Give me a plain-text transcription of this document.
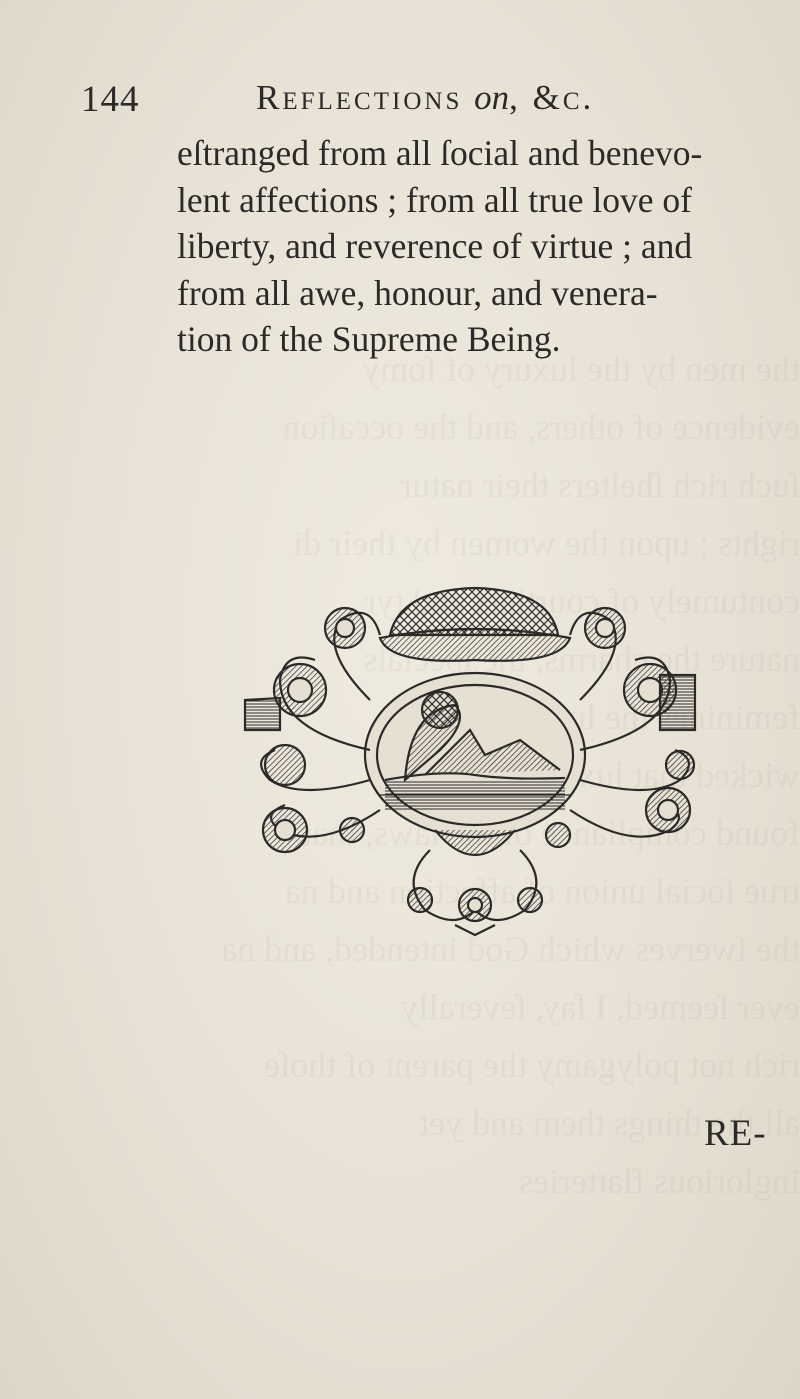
144	Reflections on, &c.
eſtranged from all ſocial and benevo-
lent affections ; from all true love of
liberty, and reverence of virtue ; and
from all awe, honour, and venera-
tion of the Supreme Being.
RE-
